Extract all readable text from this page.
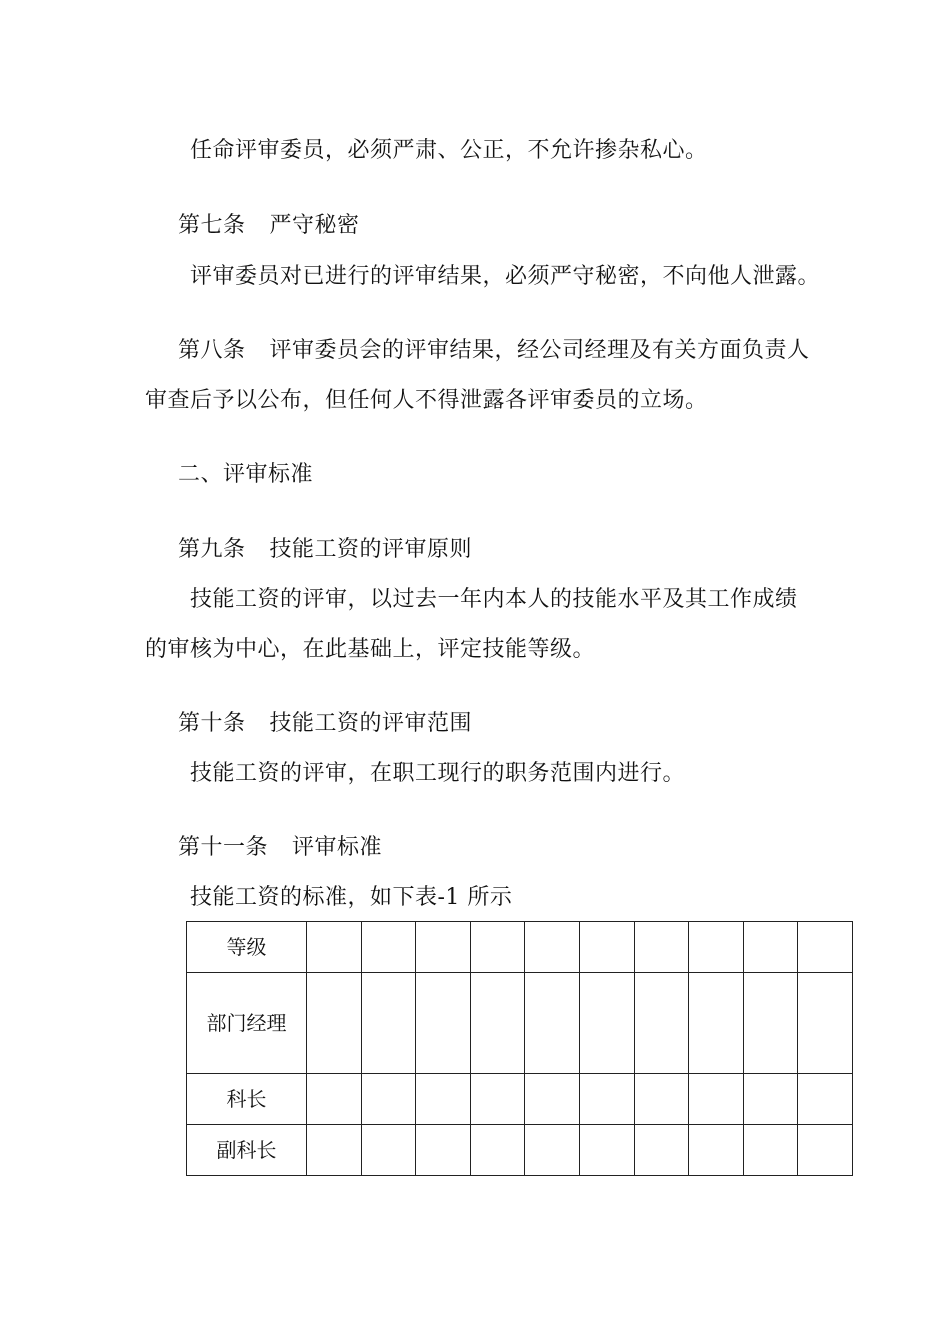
任命评审委员，必须严肃、公正，不允许掺杂私心。
第七条 严守秘密
评审委员对已进行的评审结果，必须严守秘密，不向他人泄露。
第八条 评审委员会的评审结果，经公司经理及有关方面负责人
审查后予以公布，但任何人不得泄露各评审委员的立场。
二、评审标准
第九条 技能工资的评审原则
技能工资的评审，以过去一年内本人的技能水平及其工作成绩
的审核为中心，在此基础上，评定技能等级。
第十条 技能工资的评审范围
技能工资的评审，在职工现行的职务范围内进行。
第十一条 评审标准
技能工资的标准，如下表-1 所示
等级										
部门经理										
科长										
副科长										
